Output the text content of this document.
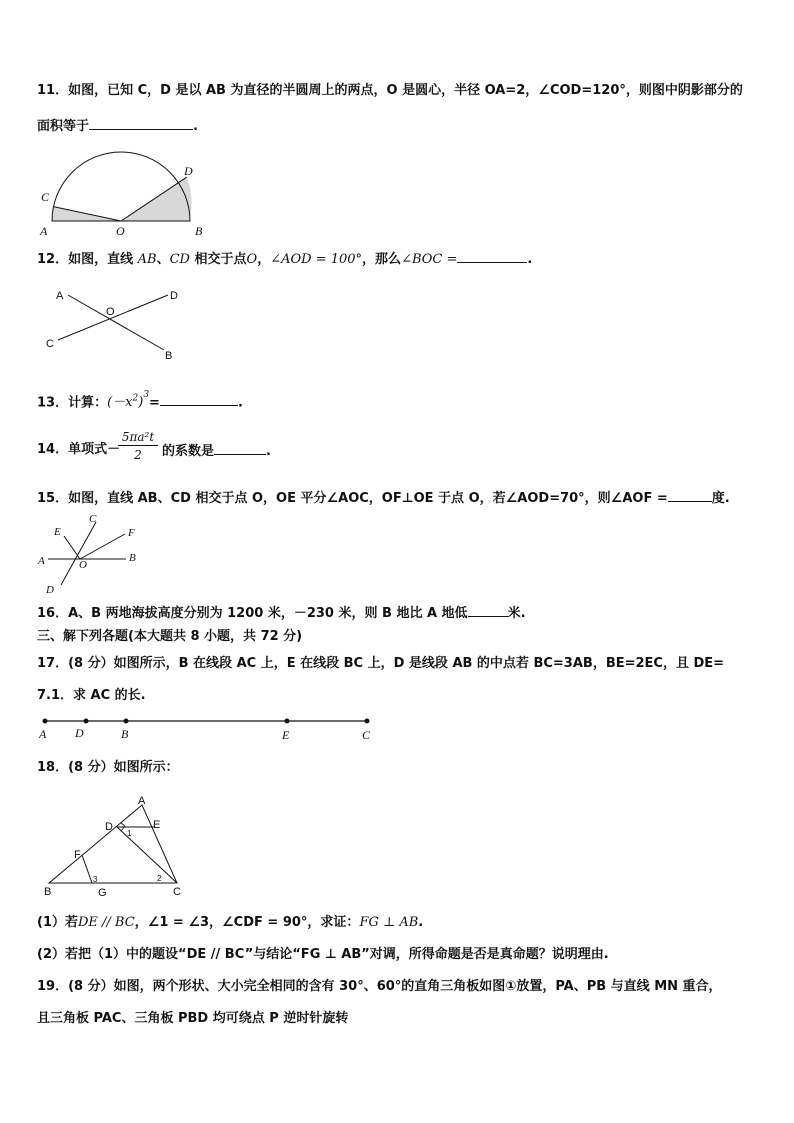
11．如图，已知 C，D 是以 AB 为直径的半圆周上的两点，O 是圆心，半径 OA=2，∠COD=120°，则图中阴影部分的
面积等于	.
A	B
C
D
O
12．如图，直线 AB、CD 相交于点O，∠AOD = 100°，那么∠BOC =	.
A	D
O
C
B
13．计算：$(-x^2)^3=$	.
14．单项式－
$\frac{\text{5πa²t}}{2}$ 的系数是	.
15．如图，直线 AB、CD 相交于点 O，OE 平分∠AOC，OF⊥OE 于点 O，若∠AOD=70°，则∠AOF =	度.
C
E	F
A	B
O
D
16．A、B 两地海拔高度分别为 1200 米，－230 米，则 B 地比 A 地低	米.
三、解下列各题(本大题共 8 小题，共 72 分)
17．(8 分）如图所示，B 在线段 AC 上，E 在线段 BC 上，D 是线段 AB 的中点若 BC=3AB，BE=2EC，且 DE=
7.1．求 AC 的长.
A D	B	E	C
18．(8 分）如图所示：
A
E
D
1
F
3	2
B	G	C
(1）若DE // BC，∠1 = ∠3，∠CDF = 90°，求证：FG ⊥ AB.
(2）若把（1）中的题设“DE // BC”与结论“FG ⊥ AB”对调，所得命题是否是真命题？说明理由.
19．(8 分）如图，两个形状、大小完全相同的含有 30°、60°的直角三角板如图①放置，PA、PB 与直线 MN 重合，
且三角板 PAC、三角板 PBD 均可绕点 P 逆时针旋转
